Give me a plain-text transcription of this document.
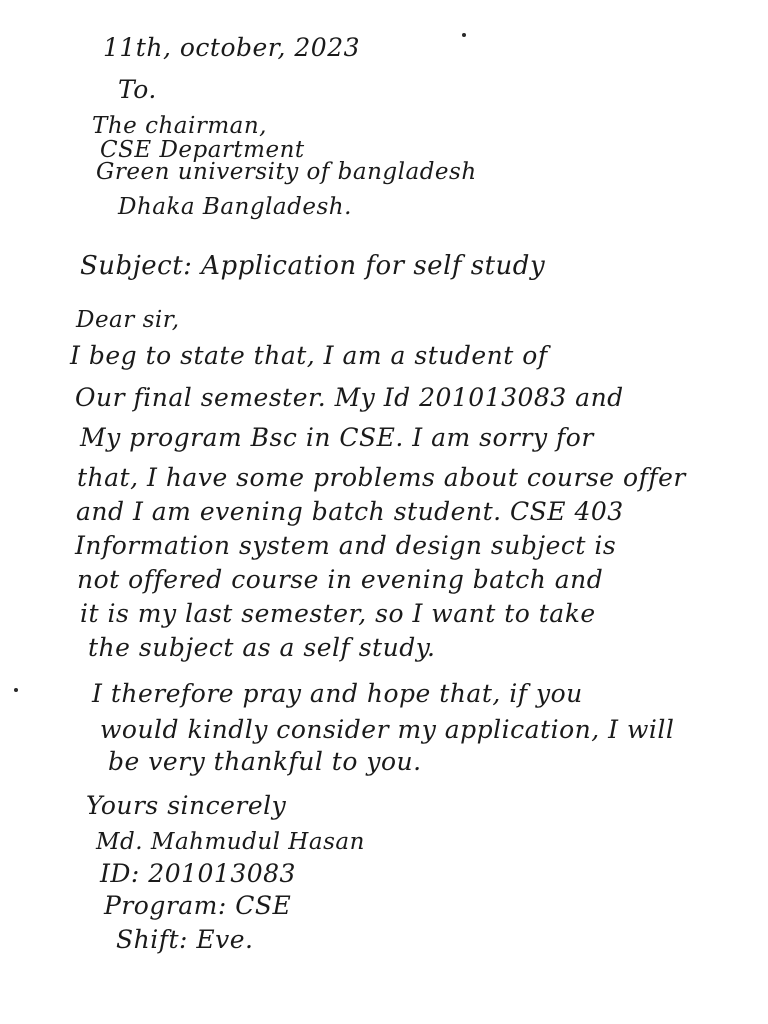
11th, october, 2023
To.
The chairman,
CSE Department
Green university of bangladesh
Dhaka Bangladesh.
Subject: Application for self study
Dear sir,
I beg to state that, I am a student of
Our final semester. My Id 201013083 and
My program Bsc in CSE. I am sorry for
that, I have some problems about course offer
and I am evening batch student. CSE 403
Information system and design subject is
not offered course in evening batch and
it is my last semester, so I want to take
the subject as a self study.
I therefore pray and hope that, if you
would kindly consider my application, I will
be very thankful to you.
Yours sincerely
Md. Mahmudul Hasan
ID: 201013083
Program: CSE
Shift: Eve.
